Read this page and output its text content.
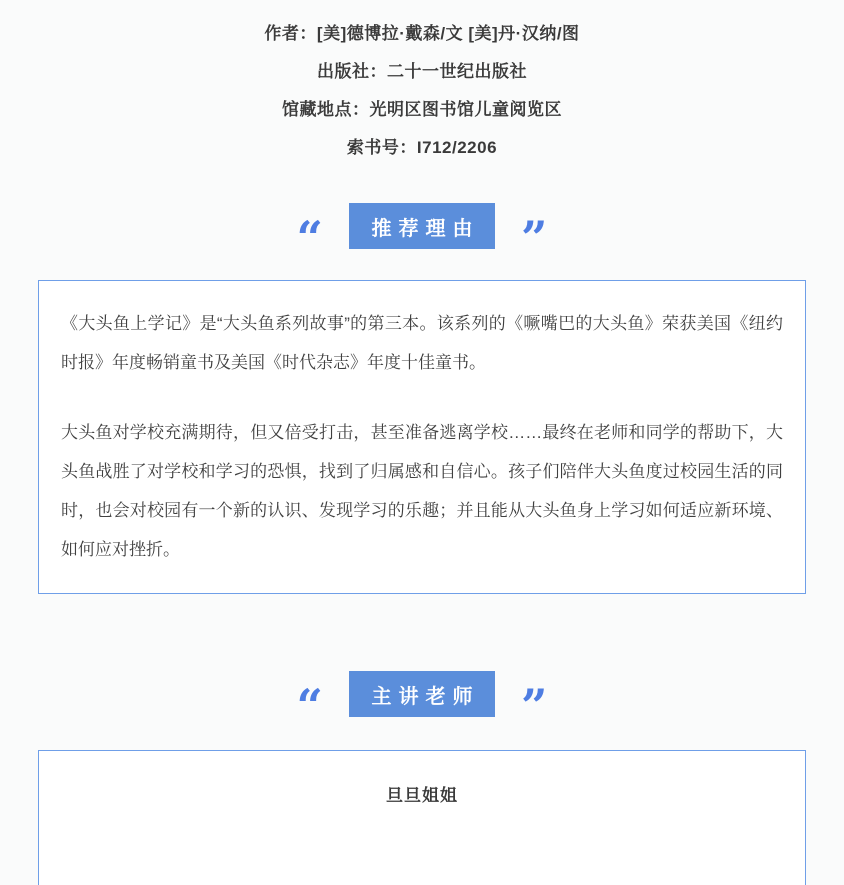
作者：[美]德博拉·戴森/文 [美]丹·汉纳/图
出版社：二十一世纪出版社
馆藏地点：光明区图书馆儿童阅览区
索书号：I712/2206
“	推荐理由 ”

《大头鱼上学记》是“大头鱼系列故事”的第三本。该系列的《噘嘴巴的大头鱼》荣获美国《纽约时报》年度畅销童书及美国《时代杂志》年度十佳童书。

大头鱼对学校充满期待，但又倍受打击，甚至准备逃离学校……最终在老师和同学的帮助下，大头鱼战胜了对学校和学习的恐惧，找到了归属感和自信心。孩子们陪伴大头鱼度过校园生活的同时，也会对校园有一个新的认识、发现学习的乐趣；并且能从大头鱼身上学习如何适应新环境、如何应对挫折。

“	主讲老师 ”
旦旦姐姐
